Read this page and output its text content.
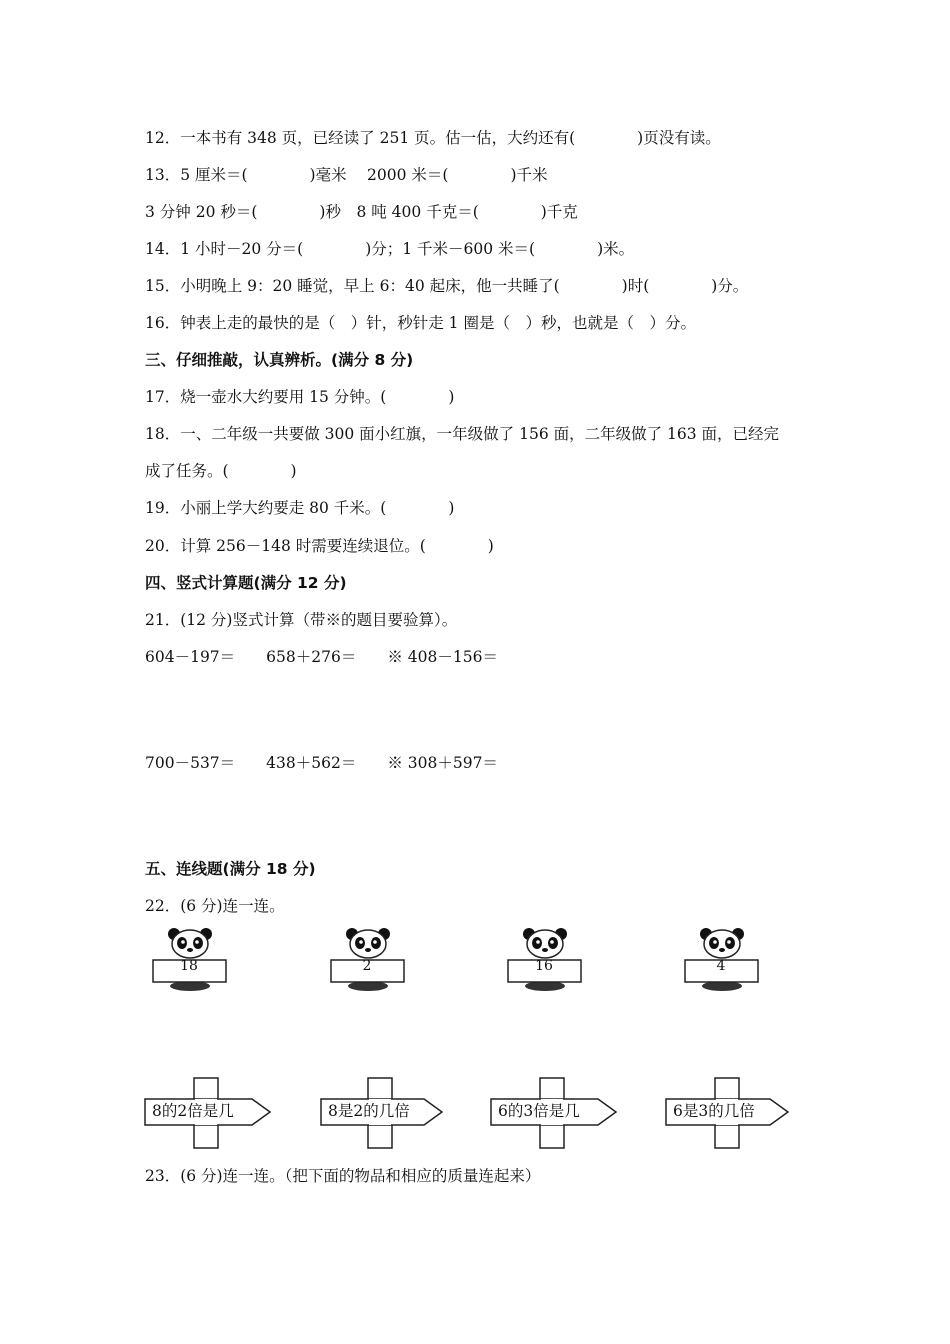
12．一本书有 348 页，已经读了 251 页。估一估，大约还有(　　　　)页没有读。
13．5 厘米＝(　　　　)毫米　 2000 米＝(　　　　)千米
3 分钟 20 秒＝(　　　　)秒　8 吨 400 千克＝(　　　　)千克
14．1 小时－20 分＝(　　　　)分；1 千米－600 米＝(　　　　)米。
15．小明晚上 9：20 睡觉，早上 6：40 起床，他一共睡了(　　　　)时(　　　　)分。
16．钟表上走的最快的是（　）针，秒针走 1 圈是（　）秒，也就是（　）分。
三、仔细推敲，认真辨析。(满分 8 分)
17．烧一壶水大约要用 15 分钟。(　　　　)
18．一、二年级一共要做 300 面小红旗，一年级做了 156 面，二年级做了 163 面，已经完
成了任务。(　　　　)
19．小丽上学大约要走 80 千米。(　　　　)
20．计算 256－148 时需要连续退位。(　　　　)
四、竖式计算题(满分 12 分)
21．(12 分)竖式计算（带※的题目要验算）。
604－197＝　　658＋276＝　　※ 408－156＝
700－537＝　　438＋562＝　　※ 308＋597＝
五、连线题(满分 18 分)
22．(6 分)连一连。
18	2	16	4
8的2倍是几	8是2的几倍	6的3倍是几	6是3的几倍
23．(6 分)连一连。（把下面的物品和相应的质量连起来）
